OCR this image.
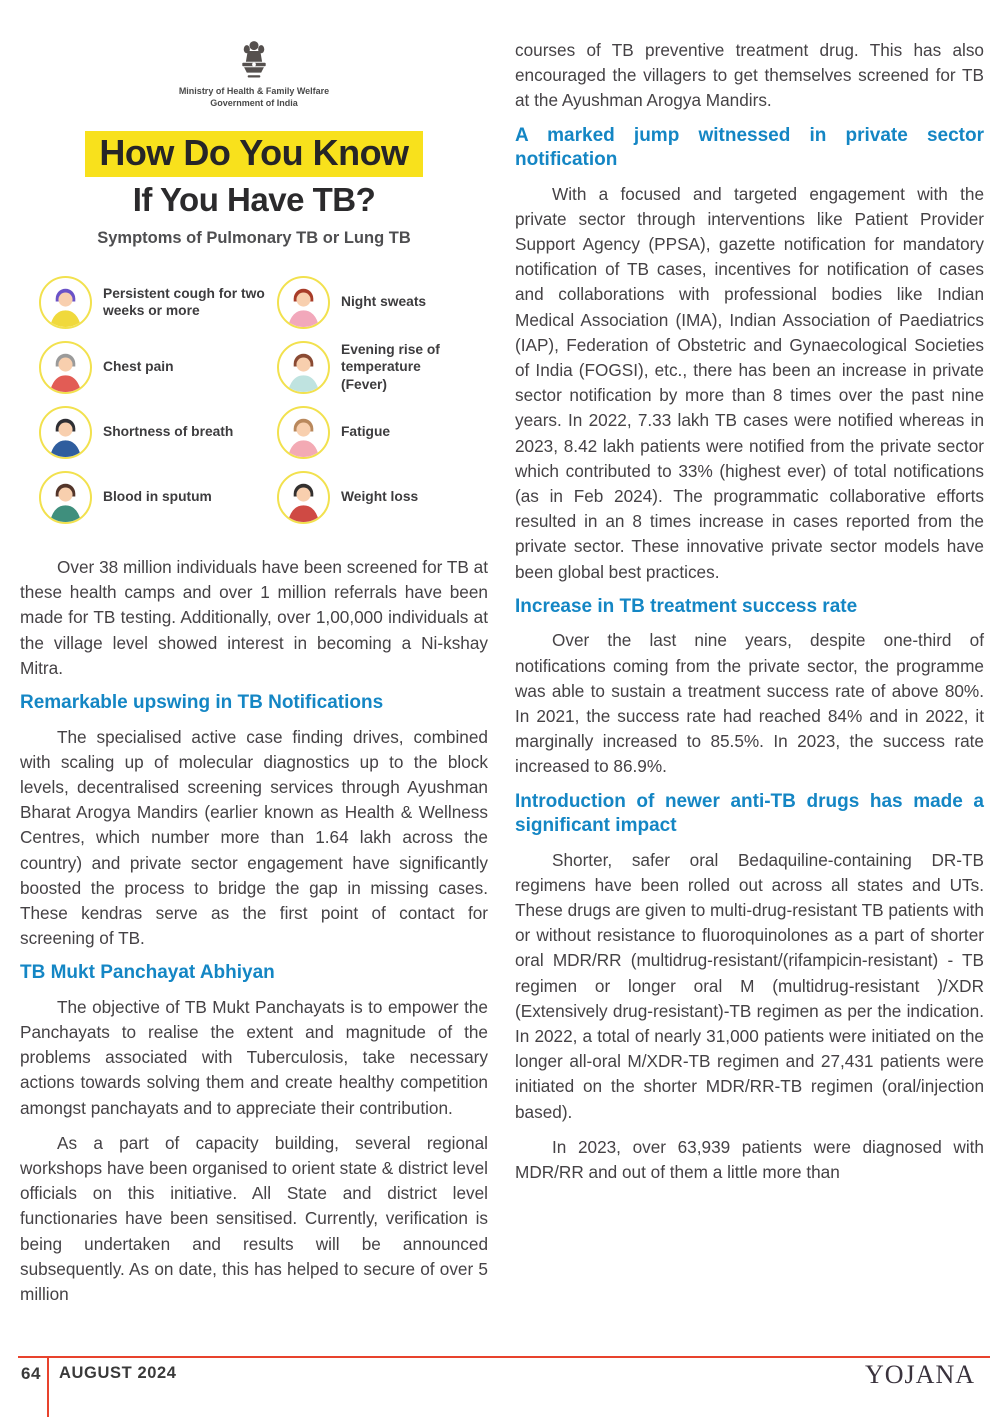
Ministry of Health & Family Welfare
Government of India
How Do You Know
If You Have TB?
Symptoms of Pulmonary TB or Lung TB
Persistent cough for two weeks or more
Chest pain
Shortness of breath
Blood in sputum
Night sweats
Evening rise of temperature (Fever)
Fatigue
Weight loss

Over 38 million individuals have been screened for TB at these health camps and over 1 million referrals have been made for TB testing. Additionally, over 1,00,000 individuals at the village level showed interest in becoming a Ni-kshay Mitra.

Remarkable upswing in TB Notifications

The specialised active case finding drives, combined with scaling up of molecular diagnostics up to the block levels, decentralised screening services through Ayushman Bharat Arogya Mandirs (earlier known as Health & Wellness Centres, which number more than 1.64 lakh across the country) and private sector engagement have significantly boosted the process to bridge the gap in missing cases. These kendras serve as the first point of contact for screening of TB.

TB Mukt Panchayat Abhiyan

The objective of TB Mukt Panchayats is to empower the Panchayats to realise the extent and magnitude of the problems associated with Tuberculosis, take necessary actions towards solving them and create healthy competition amongst panchayats and to appreciate their contribution.

As a part of capacity building, several regional workshops have been organised to orient state & district level officials on this initiative. All State and district level functionaries have been sensitised. Currently, verification is being undertaken and results will be announced subsequently. As on date, this has helped to secure of over 5 million

courses of TB preventive treatment drug. This has also encouraged the villagers to get themselves screened for TB at the Ayushman Arogya Mandirs.

A marked jump witnessed in private sector notification

With a focused and targeted engagement with the private sector through interventions like Patient Provider Support Agency (PPSA), gazette notification for mandatory notification of TB cases, incentives for notification of cases and collaborations with professional bodies like Indian Medical Association (IMA), Indian Association of Paediatrics (IAP), Federation of Obstetric and Gynaecological Societies of India (FOGSI), etc., there has been an increase in private sector notification by more than 8 times over the past nine years. In 2022, 7.33 lakh TB cases were notified whereas in 2023, 8.42 lakh patients were notified from the private sector which contributed to 33% (highest ever) of total notifications (as in Feb 2024). The programmatic collaborative efforts resulted in an 8 times increase in cases reported from the private sector. These innovative private sector models have been global best practices.

Increase in TB treatment success rate

Over the last nine years, despite one-third of notifications coming from the private sector, the programme was able to sustain a treatment success rate of above 80%. In 2021, the success rate had reached 84% and in 2022, it marginally increased to 85.5%. In 2023, the success rate increased to 86.9%.

Introduction of newer anti-TB drugs has made a significant impact

Shorter, safer oral Bedaquiline-containing DR-TB regimens have been rolled out across all states and UTs. These drugs are given to multi-drug-resistant TB patients with or without resistance to fluoroquinolones as a part of shorter oral MDR/RR (multidrug-resistant/(rifampicin-resistant) - TB regimen or longer oral M (multidrug-resistant )/XDR (Extensively drug-resistant)-TB regimen as per the indication. In 2022, a total of nearly 31,000 patients were initiated on the longer all-oral M/XDR-TB regimen and 27,431 patients were initiated on the shorter MDR/RR-TB regimen (oral/injection based).

In 2023, over 63,939 patients were diagnosed with MDR/RR and out of them a little more than

64 AUGUST 2024	YOJANA
